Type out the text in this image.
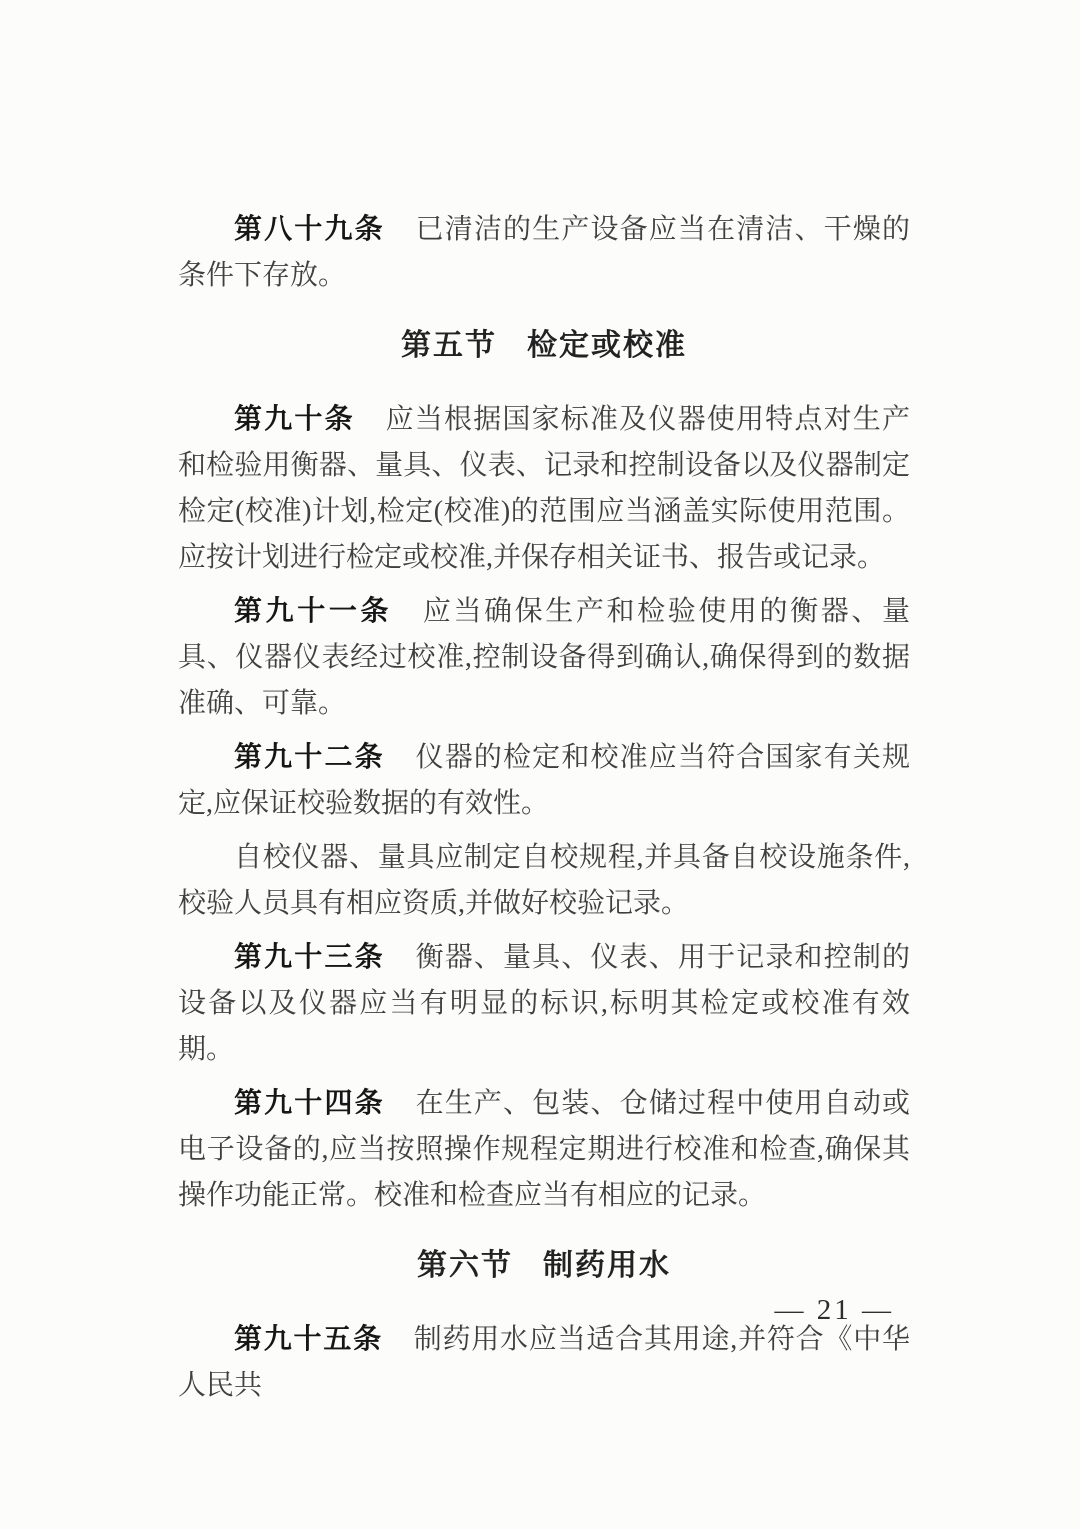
第八十九条 已清洁的生产设备应当在清洁、干燥的条件下存放。

第五节 检定或校准

第九十条 应当根据国家标准及仪器使用特点对生产和检验用衡器、量具、仪表、记录和控制设备以及仪器制定检定(校准)计划,检定(校准)的范围应当涵盖实际使用范围。应按计划进行检定或校准,并保存相关证书、报告或记录。

第九十一条 应当确保生产和检验使用的衡器、量具、仪器仪表经过校准,控制设备得到确认,确保得到的数据准确、可靠。

第九十二条 仪器的检定和校准应当符合国家有关规定,应保证校验数据的有效性。

自校仪器、量具应制定自校规程,并具备自校设施条件,校验人员具有相应资质,并做好校验记录。

第九十三条 衡器、量具、仪表、用于记录和控制的设备以及仪器应当有明显的标识,标明其检定或校准有效期。

第九十四条 在生产、包装、仓储过程中使用自动或电子设备的,应当按照操作规程定期进行校准和检查,确保其操作功能正常。校准和检查应当有相应的记录。

第六节 制药用水

第九十五条 制药用水应当适合其用途,并符合《中华人民共

— 21 —
